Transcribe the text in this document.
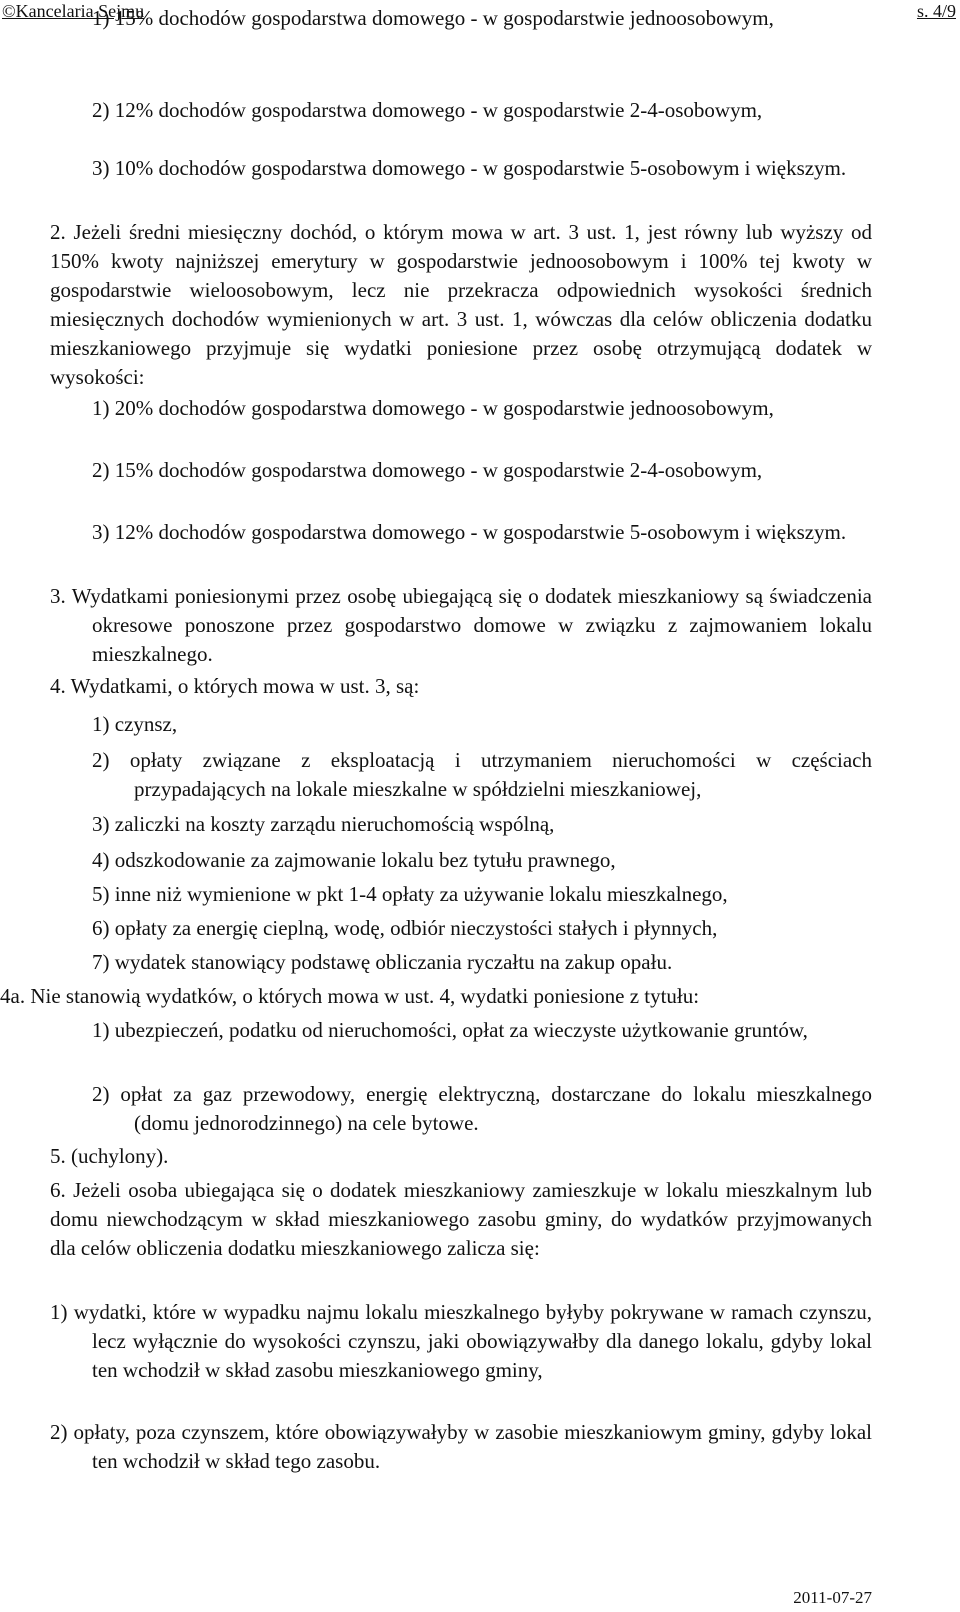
©Kancelaria Sejmu	s. 4/9

1) 15% dochodów gospodarstwa domowego - w gospodarstwie jednoosobowym,

2) 12% dochodów gospodarstwa domowego - w gospodarstwie 2-4-osobowym,

3) 10% dochodów gospodarstwa domowego - w gospodarstwie 5-osobowym i większym.

2. Jeżeli średni miesięczny dochód, o którym mowa w art. 3 ust. 1, jest równy lub wyższy od 150% kwoty najniższej emerytury w gospodarstwie jednoosobowym i 100% tej kwoty w gospodarstwie wieloosobowym, lecz nie przekracza odpowiednich wysokości średnich miesięcznych dochodów wymienionych w art. 3 ust. 1, wówczas dla celów obliczenia dodatku mieszkaniowego przyjmuje się wydatki poniesione przez osobę otrzymującą dodatek w wysokości:

1) 20% dochodów gospodarstwa domowego - w gospodarstwie jednoosobowym,

2) 15% dochodów gospodarstwa domowego - w gospodarstwie 2-4-osobowym,

3) 12% dochodów gospodarstwa domowego - w gospodarstwie 5-osobowym i większym.

3. Wydatkami poniesionymi przez osobę ubiegającą się o dodatek mieszkaniowy są świadczenia okresowe ponoszone przez gospodarstwo domowe w związku z zajmowaniem lokalu mieszkalnego.

4. Wydatkami, o których mowa w ust. 3, są:

1) czynsz,

2) opłaty związane z eksploatacją i utrzymaniem nieruchomości w częściach przypadających na lokale mieszkalne w spółdzielni mieszkaniowej,

3) zaliczki na koszty zarządu nieruchomością wspólną,

4) odszkodowanie za zajmowanie lokalu bez tytułu prawnego,

5) inne niż wymienione w pkt 1-4 opłaty za używanie lokalu mieszkalnego,

6) opłaty za energię cieplną, wodę, odbiór nieczystości stałych i płynnych,

7) wydatek stanowiący podstawę obliczania ryczałtu na zakup opału.

4a. Nie stanowią wydatków, o których mowa w ust. 4, wydatki poniesione z tytułu:

1) ubezpieczeń, podatku od nieruchomości, opłat za wieczyste użytkowanie gruntów,

2) opłat za gaz przewodowy, energię elektryczną, dostarczane do lokalu mieszkalnego (domu jednorodzinnego) na cele bytowe.

5. (uchylony).

6. Jeżeli osoba ubiegająca się o dodatek mieszkaniowy zamieszkuje w lokalu mieszkalnym lub domu niewchodzącym w skład mieszkaniowego zasobu gminy, do wydatków przyjmowanych dla celów obliczenia dodatku mieszkaniowego zalicza się:

1) wydatki, które w wypadku najmu lokalu mieszkalnego byłyby pokrywane w ramach czynszu, lecz wyłącznie do wysokości czynszu, jaki obowiązywałby dla danego lokalu, gdyby lokal ten wchodził w skład zasobu mieszkaniowego gminy,

2) opłaty, poza czynszem, które obowiązywałyby w zasobie mieszkaniowym gminy, gdyby lokal ten wchodził w skład tego zasobu.

2011-07-27
